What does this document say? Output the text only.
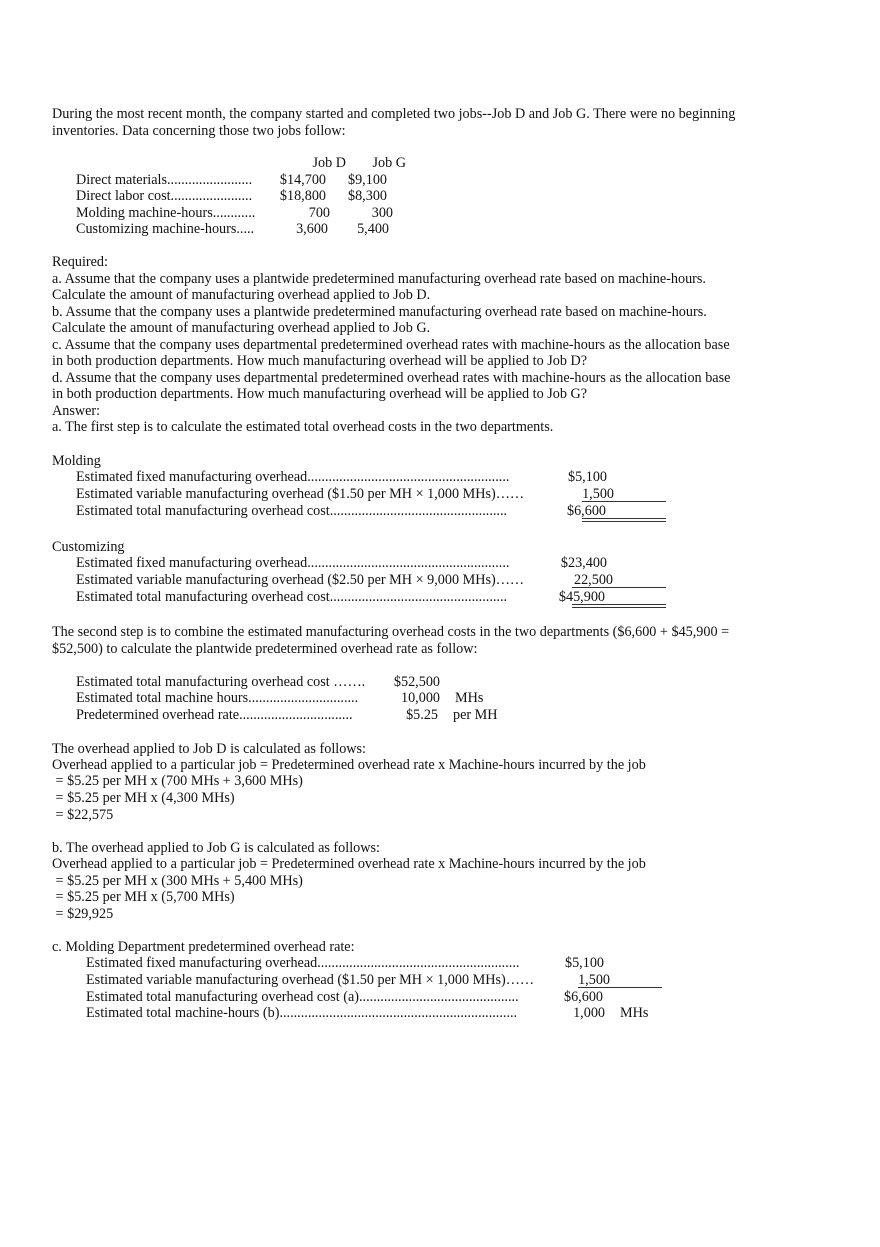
During the most recent month, the company started and completed two jobs--Job D and Job G. There were no beginning
inventories. Data concerning those two jobs follow:
Job D	Job G
Direct materials........................	$14,700	$9,100
Direct labor cost.......................	$18,800	$8,300
Molding machine-hours............	700	300
Customizing machine-hours.....	3,600	5,400
Required:
a. Assume that the company uses a plantwide predetermined manufacturing overhead rate based on machine-hours.
Calculate the amount of manufacturing overhead applied to Job D.
b. Assume that the company uses a plantwide predetermined manufacturing overhead rate based on machine-hours.
Calculate the amount of manufacturing overhead applied to Job G.
c. Assume that the company uses departmental predetermined overhead rates with machine-hours as the allocation base
in both production departments. How much manufacturing overhead will be applied to Job D?
d. Assume that the company uses departmental predetermined overhead rates with machine-hours as the allocation base
in both production departments. How much manufacturing overhead will be applied to Job G?
Answer:
a. The first step is to calculate the estimated total overhead costs in the two departments.
Molding
Estimated fixed manufacturing overhead.........................................................	$5,100
Estimated variable manufacturing overhead ($1.50 per MH × 1,000 MHs)……	1,500
Estimated total manufacturing overhead cost..................................................	$6,600
Customizing
Estimated fixed manufacturing overhead.........................................................	$23,400
Estimated variable manufacturing overhead ($2.50 per MH × 9,000 MHs)……	22,500
Estimated total manufacturing overhead cost..................................................	$45,900
The second step is to combine the estimated manufacturing overhead costs in the two departments ($6,600 + $45,900 =
$52,500) to calculate the plantwide predetermined overhead rate as follow:
Estimated total manufacturing overhead cost …….	$52,500
Estimated total machine hours...............................	10,000 MHs
Predetermined overhead rate................................	$5.25 per MH
The overhead applied to Job D is calculated as follows:
Overhead applied to a particular job = Predetermined overhead rate x Machine-hours incurred by the job
= $5.25 per MH x (700 MHs + 3,600 MHs)
= $5.25 per MH x (4,300 MHs)
= $22,575
b. The overhead applied to Job G is calculated as follows:
Overhead applied to a particular job = Predetermined overhead rate x Machine-hours incurred by the job
= $5.25 per MH x (300 MHs + 5,400 MHs)
= $5.25 per MH x (5,700 MHs)
= $29,925
c. Molding Department predetermined overhead rate:
Estimated fixed manufacturing overhead.........................................................	$5,100
Estimated variable manufacturing overhead ($1.50 per MH × 1,000 MHs)……	1,500
Estimated total manufacturing overhead cost (a).............................................	$6,600
Estimated total machine-hours (b)...................................................................	1,000 MHs
